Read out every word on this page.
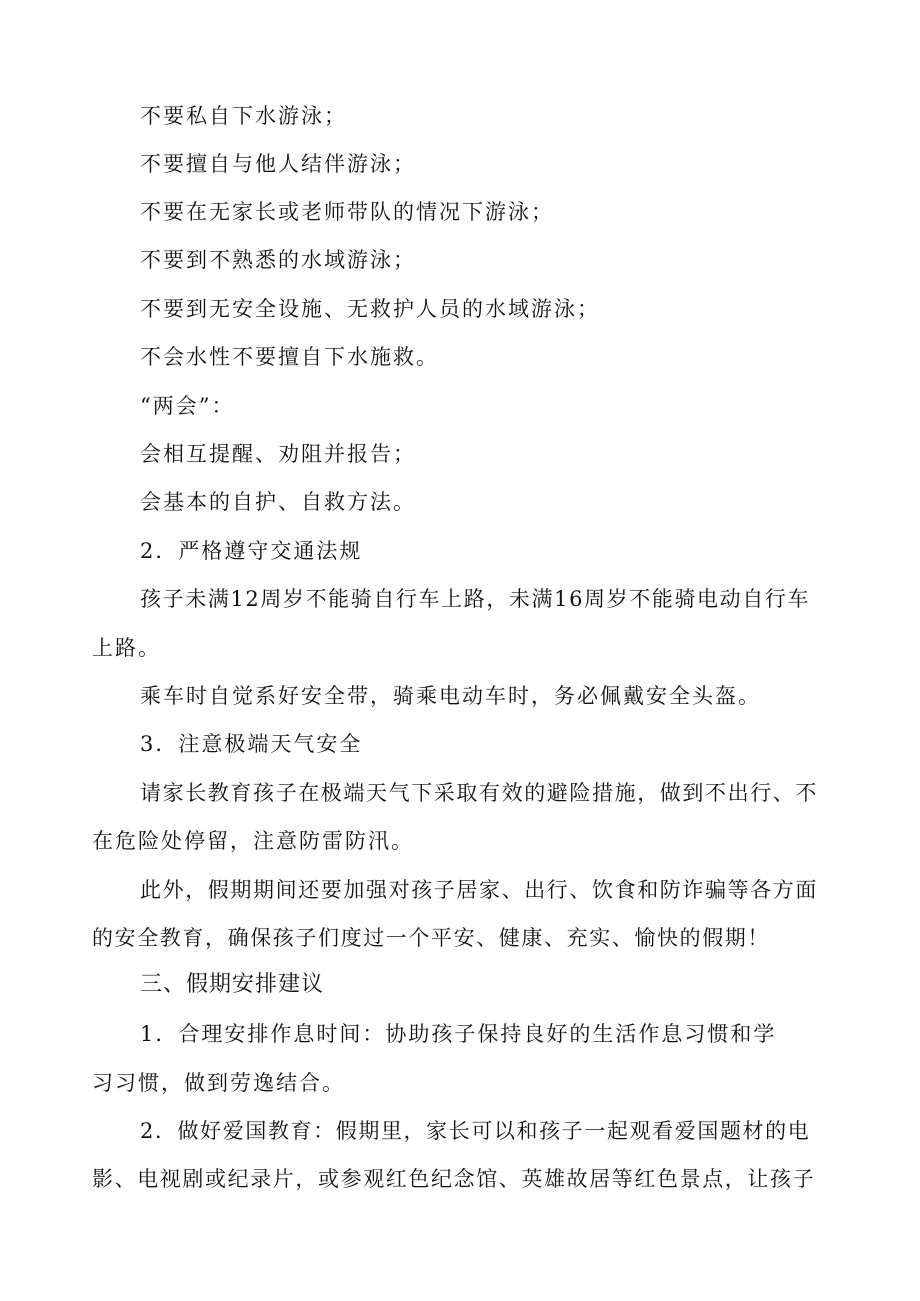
不要私自下水游泳；
不要擅自与他人结伴游泳；
不要在无家长或老师带队的情况下游泳；
不要到不熟悉的水域游泳；
不要到无安全设施、无救护人员的水域游泳；
不会水性不要擅自下水施救。
“两会”：
会相互提醒、劝阻并报告；
会基本的自护、自救方法。
2．严格遵守交通法规
孩子未满12周岁不能骑自行车上路，未满16周岁不能骑电动自行车
上路。
乘车时自觉系好安全带，骑乘电动车时，务必佩戴安全头盔。
3．注意极端天气安全
请家长教育孩子在极端天气下采取有效的避险措施，做到不出行、不
在危险处停留，注意防雷防汛。
此外，假期期间还要加强对孩子居家、出行、饮食和防诈骗等各方面
的安全教育，确保孩子们度过一个平安、健康、充实、愉快的假期！
三、假期安排建议
1．合理安排作息时间：协助孩子保持良好的生活作息习惯和学
习习惯，做到劳逸结合。
2．做好爱国教育：假期里，家长可以和孩子一起观看爱国题材的电
影、电视剧或纪录片，或参观红色纪念馆、英雄故居等红色景点，让孩子
